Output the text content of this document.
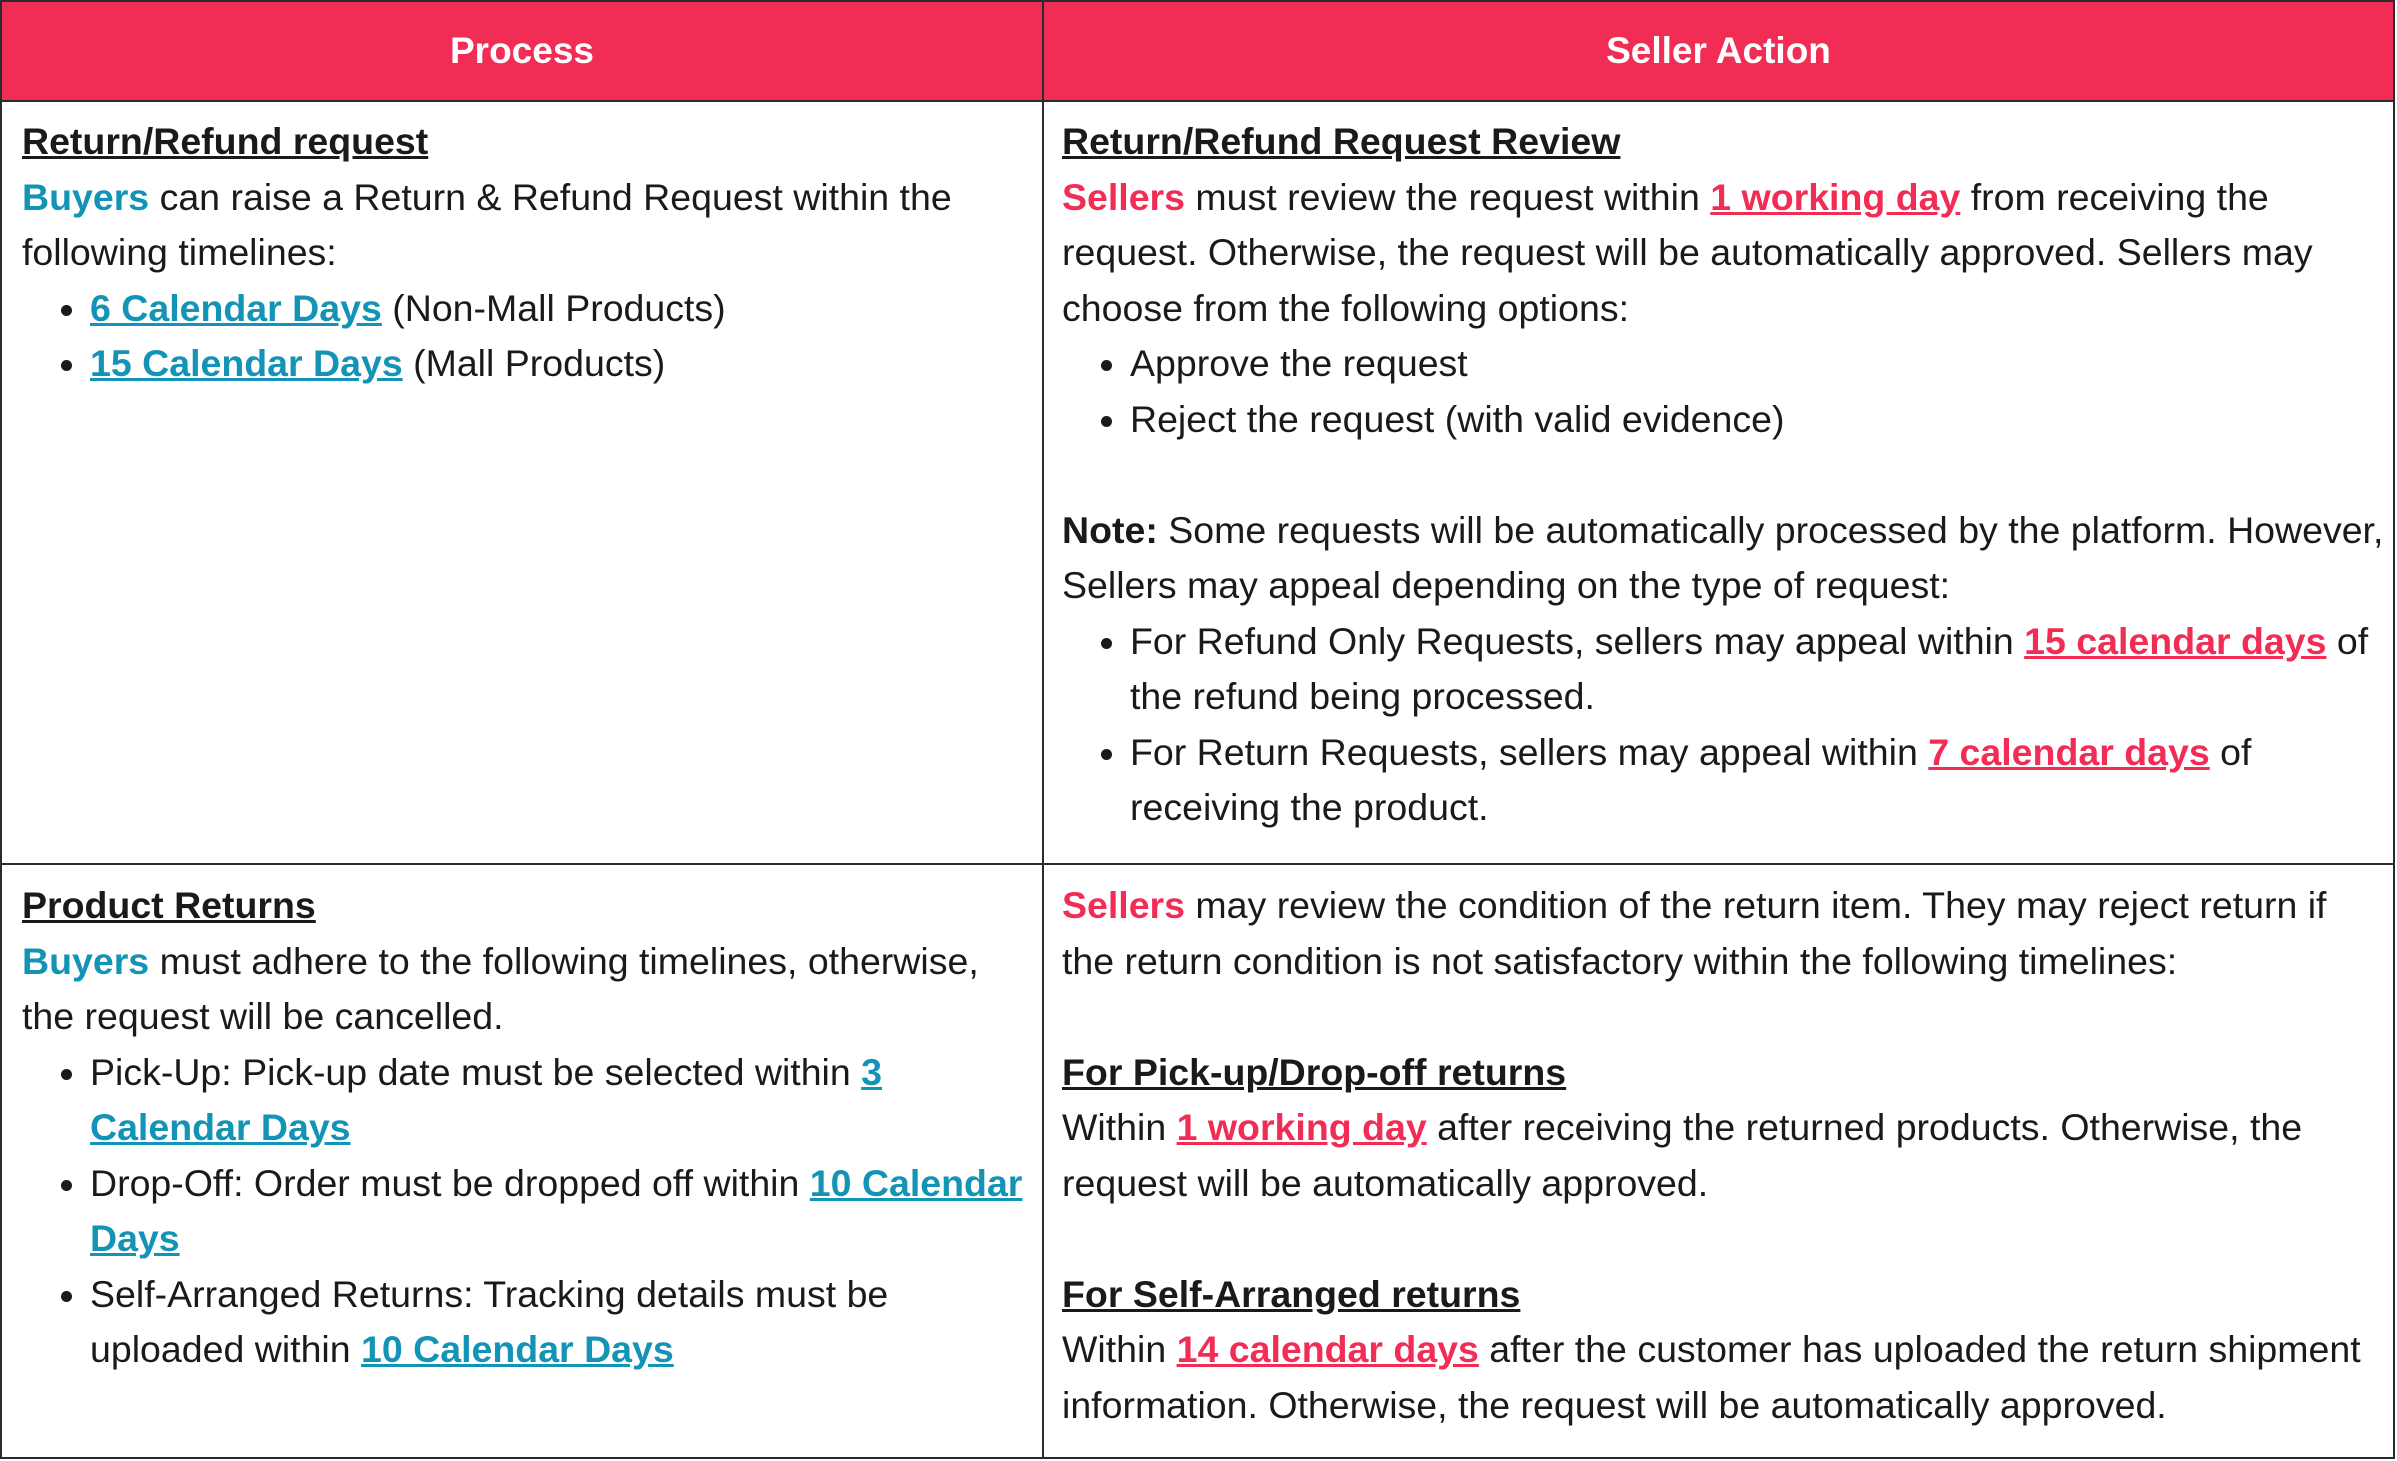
Process	Seller Action
Return/Refund request
Buyers can raise a Return & Refund Request within the following timelines:
• 6 Calendar Days (Non-Mall Products)
• 15 Calendar Days (Mall Products)
Return/Refund Request Review
Sellers must review the request within 1 working day from receiving the request. Otherwise, the request will be automatically approved. Sellers may choose from the following options:
• Approve the request
• Reject the request (with valid evidence)
Note: Some requests will be automatically processed by the platform. However, Sellers may appeal depending on the type of request:
• For Refund Only Requests, sellers may appeal within 15 calendar days of the refund being processed.
• For Return Requests, sellers may appeal within 7 calendar days of receiving the product.
Product Returns
Buyers must adhere to the following timelines, otherwise, the request will be cancelled.
• Pick-Up: Pick-up date must be selected within 3 Calendar Days
• Drop-Off: Order must be dropped off within 10 Calendar Days
• Self-Arranged Returns: Tracking details must be uploaded within 10 Calendar Days
Sellers may review the condition of the return item. They may reject return if the return condition is not satisfactory within the following timelines:
For Pick-up/Drop-off returns
Within 1 working day after receiving the returned products. Otherwise, the request will be automatically approved.
For Self-Arranged returns
Within 14 calendar days after the customer has uploaded the return shipment information. Otherwise, the request will be automatically approved.
